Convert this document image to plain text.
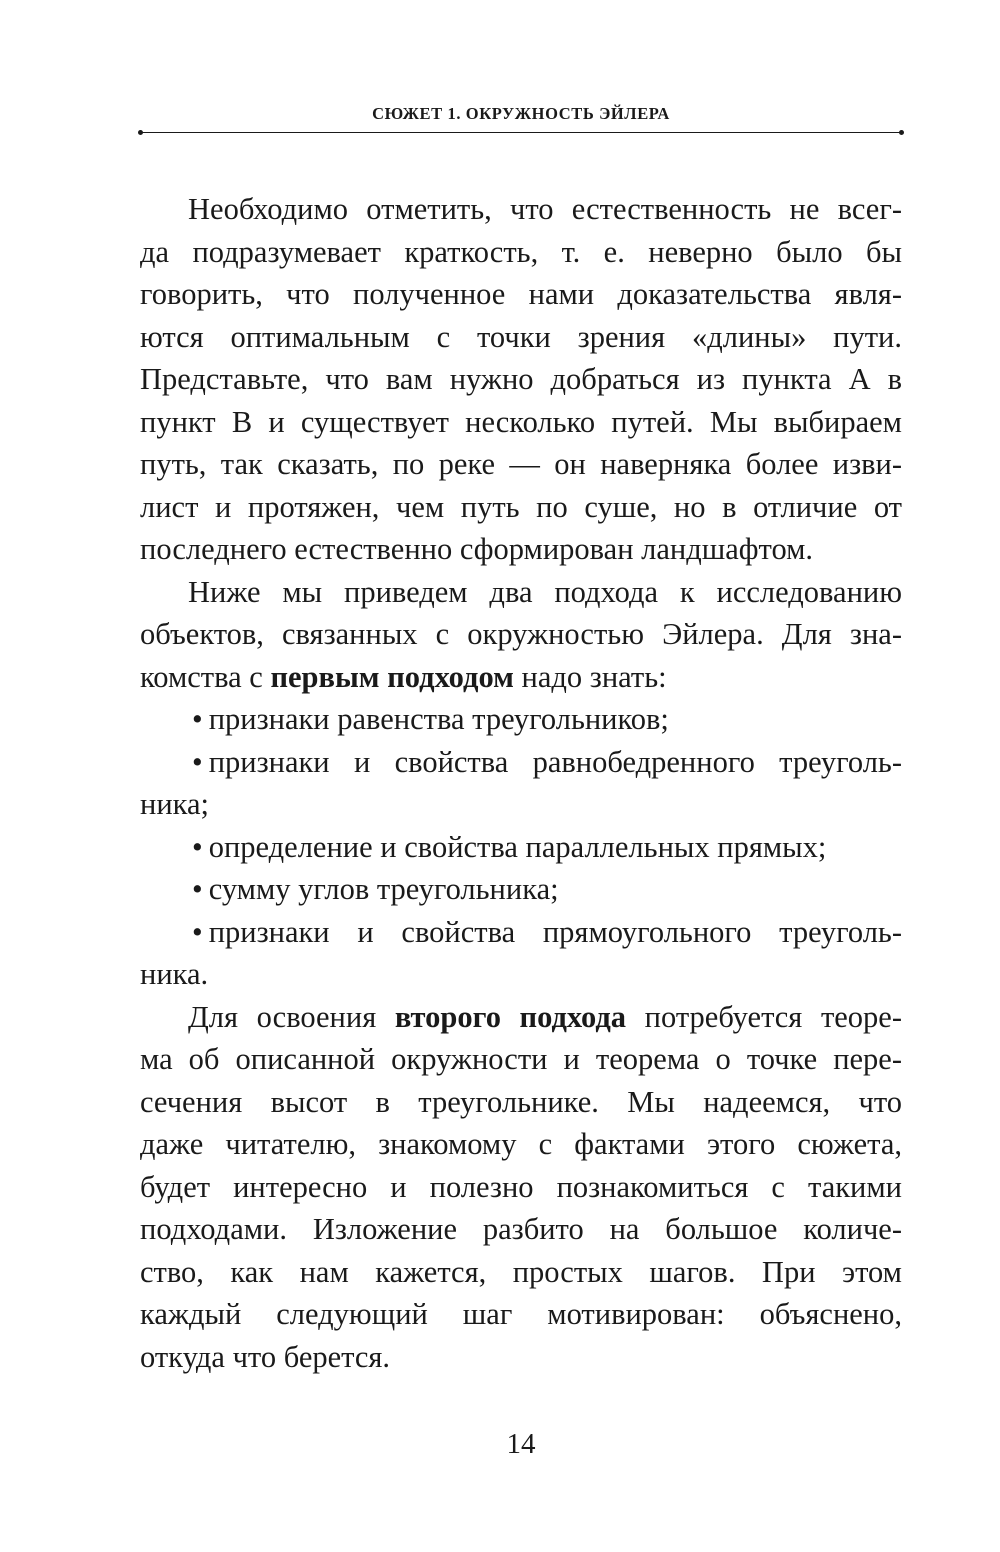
СЮЖЕТ 1. ОКРУЖНОСТЬ ЭЙЛЕРА
Необходимо отметить, что естественность не всег-
да подразумевает краткость, т. е. неверно было бы
говорить, что полученное нами доказательства явля-
ются оптимальным с точки зрения «длины» пути.
Представьте, что вам нужно добраться из пункта А в
пункт В и существует несколько путей. Мы выбираем
путь, так сказать, по реке — он наверняка более изви-
лист и протяжен, чем путь по суше, но в отличие от
последнего естественно сформирован ландшафтом.
Ниже мы приведем два подхода к исследованию
объектов, связанных с окружностью Эйлера. Для зна-
комства с первым подходом надо знать:
• признаки равенства треугольников;
• признаки и свойства равнобедренного треуголь-
ника;
• определение и свойства параллельных прямых;
• сумму углов треугольника;
• признаки и свойства прямоугольного треуголь-
ника.
Для освоения второго подхода потребуется теоре-
ма об описанной окружности и теорема о точке пере-
сечения высот в треугольнике. Мы надеемся, что
даже читателю, знакомому с фактами этого сюжета,
будет интересно и полезно познакомиться с такими
подходами. Изложение разбито на большое количе-
ство, как нам кажется, простых шагов. При этом
каждый следующий шаг мотивирован: объяснено,
откуда что берется.
14
